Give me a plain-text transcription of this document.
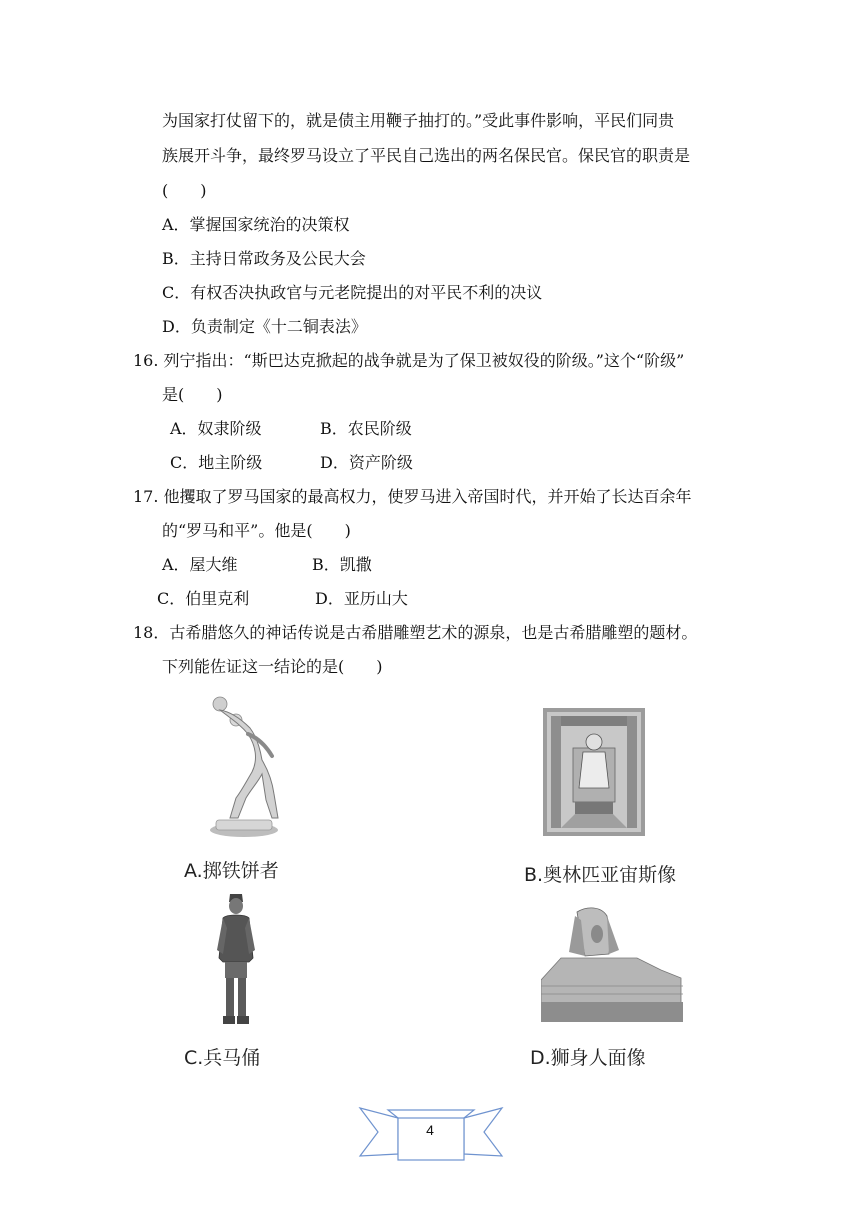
为国家打仗留下的，就是债主用鞭子抽打的。”受此事件影响，平民们同贵
族展开斗争，最终罗马设立了平民自己选出的两名保民官。保民官的职责是
(　　)
A．掌握国家统治的决策权
B．主持日常政务及公民大会
C．有权否决执政官与元老院提出的对平民不利的决议
D．负责制定《十二铜表法》
16. 列宁指出：“斯巴达克掀起的战争就是为了保卫被奴役的阶级。”这个“阶级”
是(　　)
A．奴隶阶级	B．农民阶级
C．地主阶级	D．资产阶级
17. 他攫取了罗马国家的最高权力，使罗马进入帝国时代，并开始了长达百余年
的“罗马和平”。他是(　　)
A．屋大维	B．凯撒
C．伯里克利	D．亚历山大
18．古希腊悠久的神话传说是古希腊雕塑艺术的源泉，也是古希腊雕塑的题材。
下列能佐证这一结论的是(　　)
A.掷铁饼者	B.奥林匹亚宙斯像
C.兵马俑	D.狮身人面像
4
